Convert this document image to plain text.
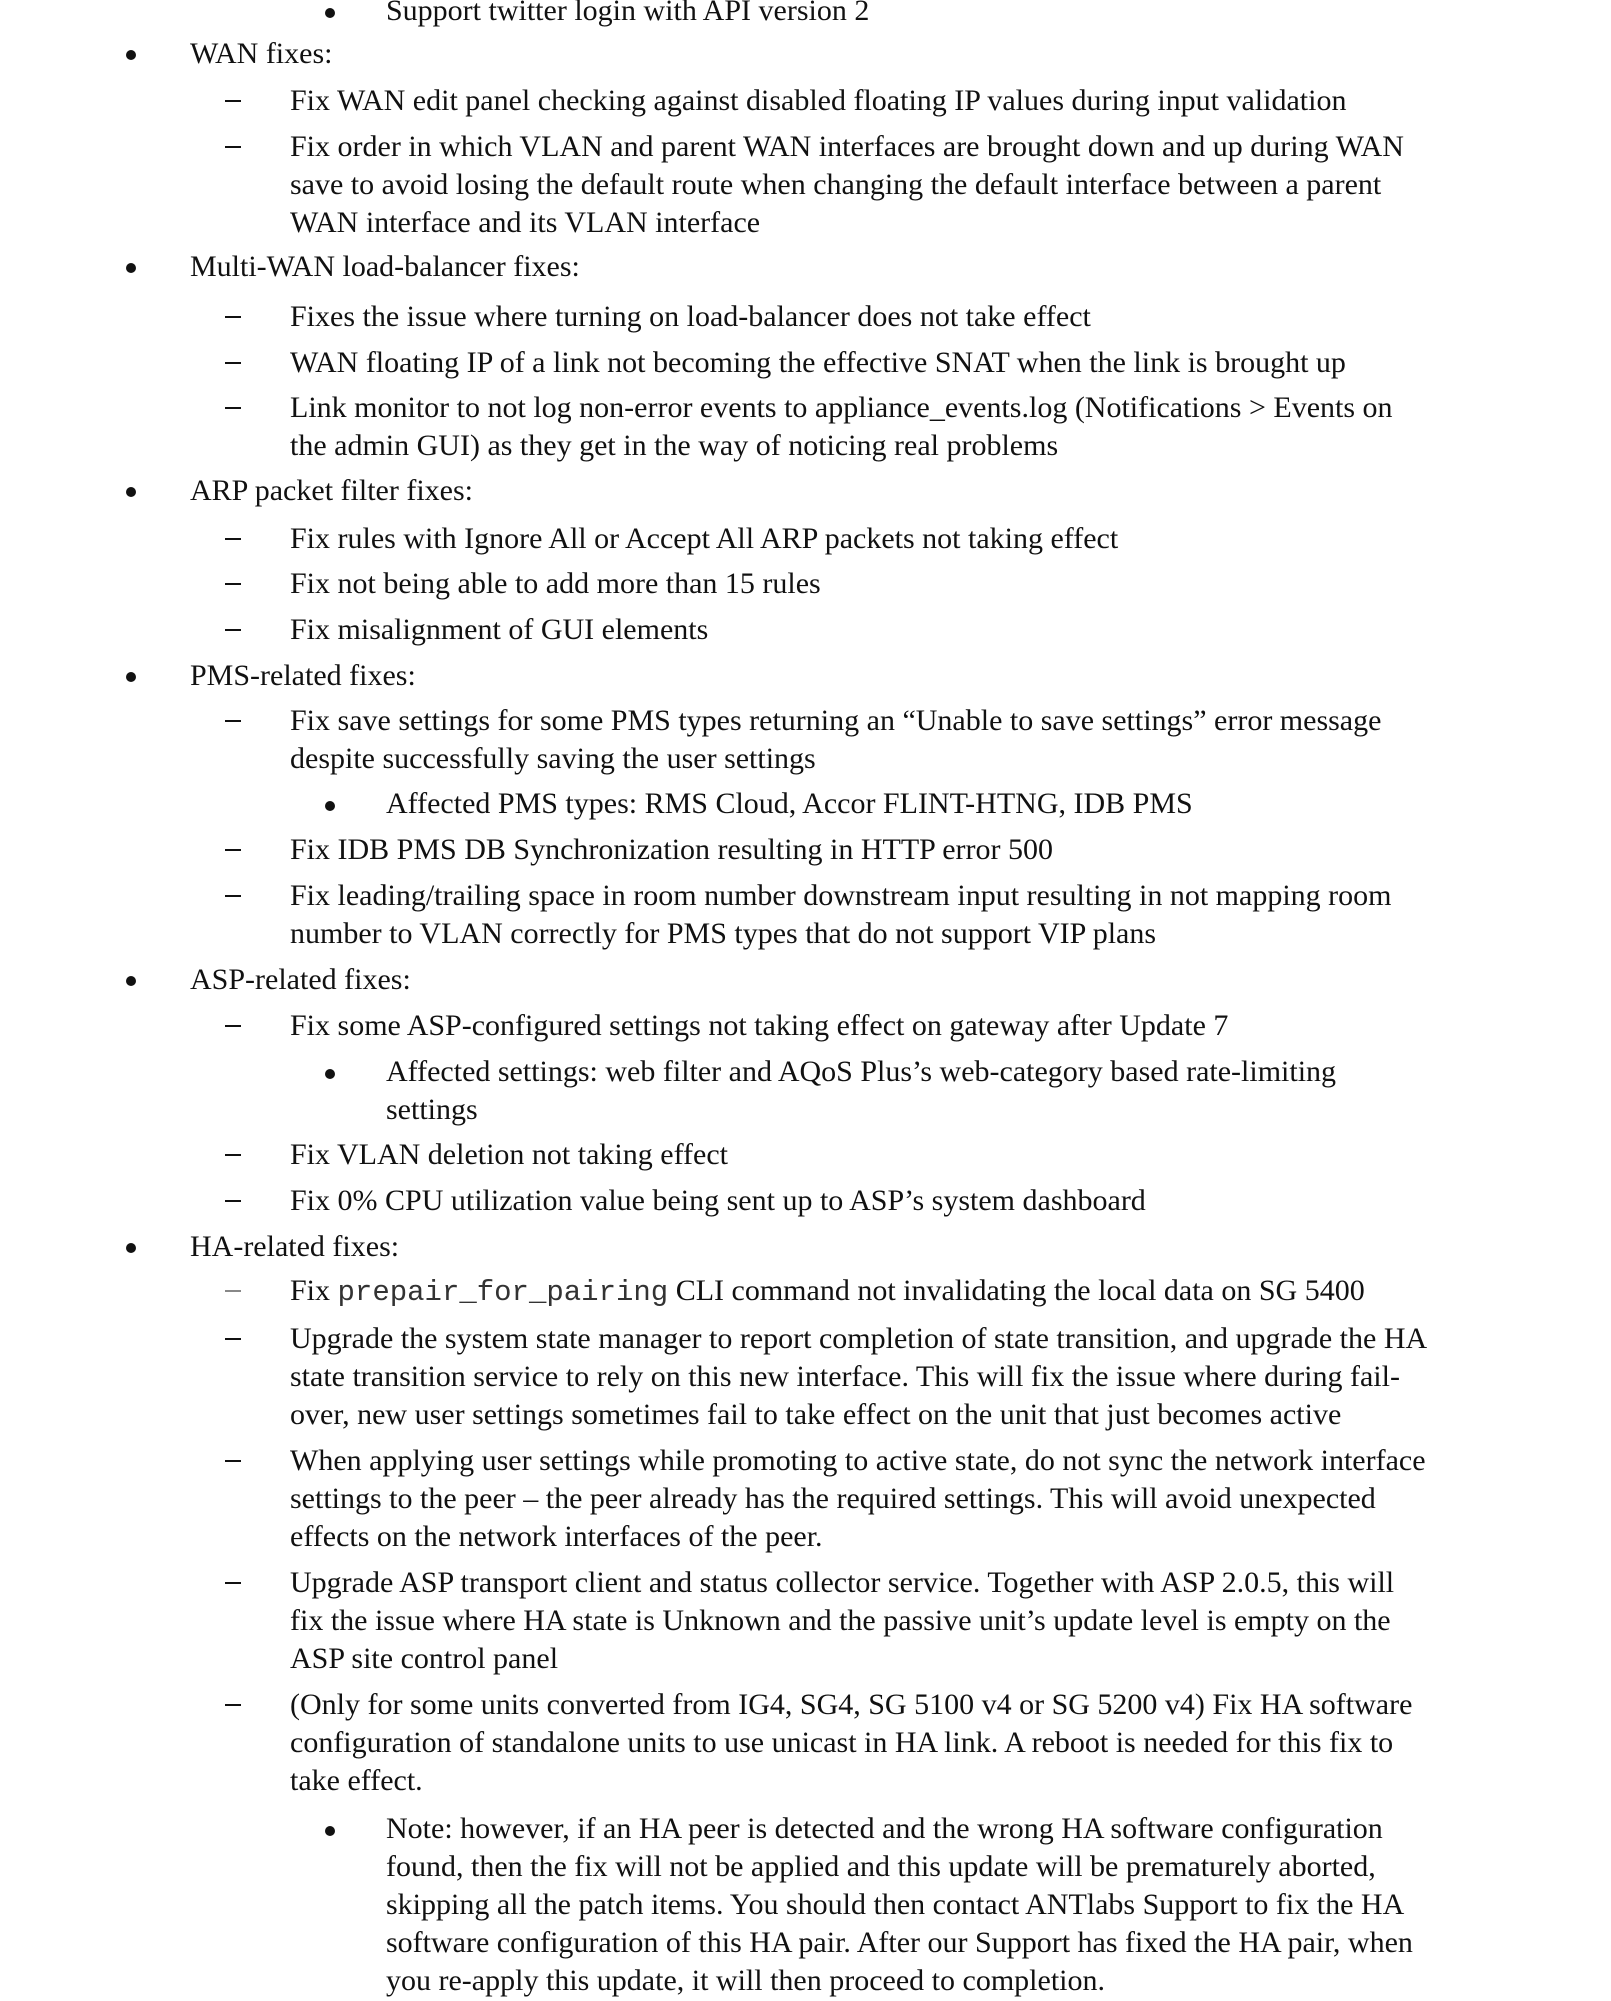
Support twitter login with API version 2

WAN fixes:

Fix WAN edit panel checking against disabled floating IP values during input validation

Fix order in which VLAN and parent WAN interfaces are brought down and up during WAN

save to avoid losing the default route when changing the default interface between a parent

WAN interface and its VLAN interface

Multi-WAN load-balancer fixes:

Fixes the issue where turning on load-balancer does not take effect

WAN floating IP of a link not becoming the effective SNAT when the link is brought up

Link monitor to not log non-error events to appliance_events.log (Notifications > Events on

the admin GUI) as they get in the way of noticing real problems

ARP packet filter fixes:

Fix rules with Ignore All or Accept All ARP packets not taking effect

Fix not being able to add more than 15 rules

Fix misalignment of GUI elements

PMS-related fixes:

Fix save settings for some PMS types returning an “Unable to save settings” error message

despite successfully saving the user settings

Affected PMS types: RMS Cloud, Accor FLINT-HTNG, IDB PMS

Fix IDB PMS DB Synchronization resulting in HTTP error 500

Fix leading/trailing space in room number downstream input resulting in not mapping room

number to VLAN correctly for PMS types that do not support VIP plans

ASP-related fixes:

Fix some ASP-configured settings not taking effect on gateway after Update 7

Affected settings: web filter and AQoS Plus’s web-category based rate-limiting

settings

Fix VLAN deletion not taking effect

Fix 0% CPU utilization value being sent up to ASP’s system dashboard

HA-related fixes:

Fix prepair_for_pairing CLI command not invalidating the local data on SG 5400

Upgrade the system state manager to report completion of state transition, and upgrade the HA

state transition service to rely on this new interface. This will fix the issue where during fail-

over, new user settings sometimes fail to take effect on the unit that just becomes active

When applying user settings while promoting to active state, do not sync the network interface

settings to the peer – the peer already has the required settings. This will avoid unexpected

effects on the network interfaces of the peer.

Upgrade ASP transport client and status collector service. Together with ASP 2.0.5, this will

fix the issue where HA state is Unknown and the passive unit’s update level is empty on the

ASP site control panel

(Only for some units converted from IG4, SG4, SG 5100 v4 or SG 5200 v4) Fix HA software

configuration of standalone units to use unicast in HA link. A reboot is needed for this fix to

take effect.

Note: however, if an HA peer is detected and the wrong HA software configuration

found, then the fix will not be applied and this update will be prematurely aborted,

skipping all the patch items. You should then contact ANTlabs Support to fix the HA

software configuration of this HA pair. After our Support has fixed the HA pair, when

you re-apply this update, it will then proceed to completion.
